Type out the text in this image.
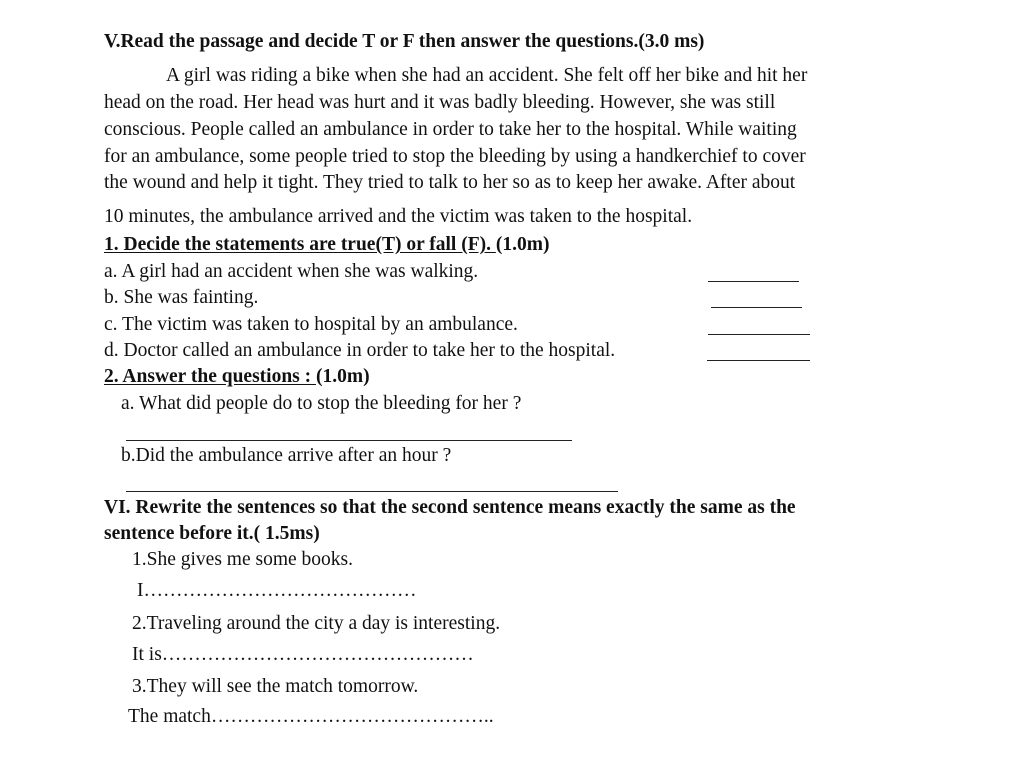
V.Read the passage and decide T or F then answer the questions.(3.0 ms)
A girl was riding a bike when she had an accident. She felt off her bike and hit her
head on the road. Her head was hurt and it was badly bleeding. However, she was still
conscious. People called an ambulance in order to take her to the hospital. While waiting
for an ambulance, some people tried to stop the bleeding by using a handkerchief to cover
the wound and help it tight. They tried to talk to her so as to keep her awake. After about
10 minutes, the ambulance arrived and the victim was taken to the hospital.
1. Decide the statements are true(T) or fall (F). (1.0m)
a. A girl had an accident when she was walking.
b. She was fainting.
c. The victim was taken to hospital by an ambulance.
d. Doctor called an ambulance in order to take her to the hospital.
2. Answer the questions : (1.0m)
a. What did people do to stop the bleeding for her ?
b.Did the ambulance arrive after an hour ?
VI. Rewrite the sentences so that the second sentence means exactly the same as the
sentence before it.( 1.5ms)
1.She gives me some books.
I……………………………………
2.Traveling around the city a day is interesting.
It is…………………………………………
3.They will see the match tomorrow.
The match……………………………………..
